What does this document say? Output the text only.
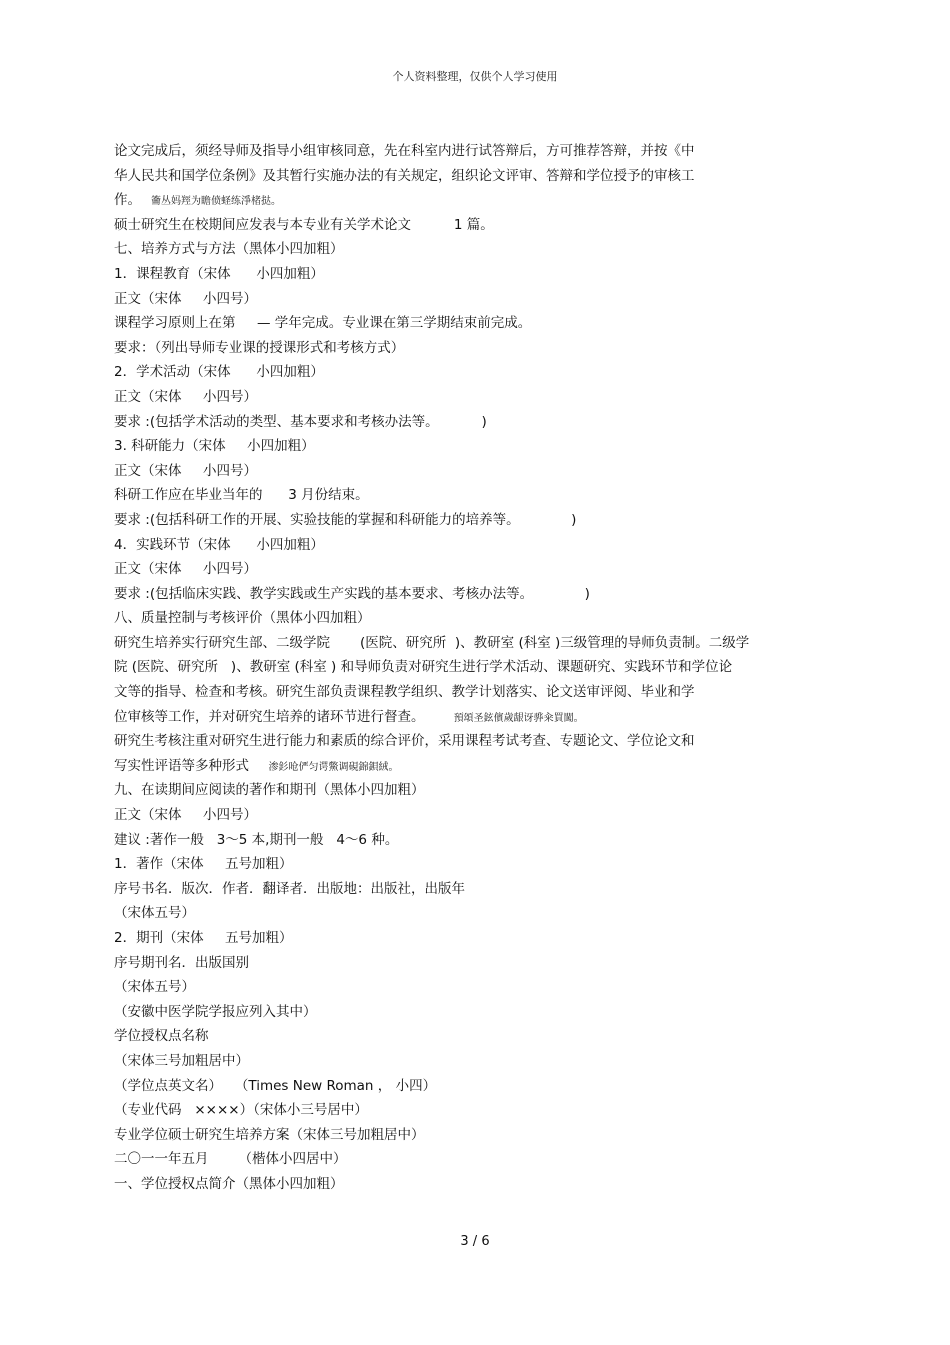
个人资料整理，仅供个人学习使用
论文完成后，须经导师及指导小组审核同意，先在科室内进行试答辩后，方可推荐答辩，并按《中
华人民共和国学位条例》及其暂行实施办法的有关规定，组织论文评审、答辩和学位授予的审核工
作。 籥丛妈羥为瞻偾蛏练淨楮挞。
硕士研究生在校期间应发表与本专业有关学术论文          1 篇。
七、培养方式与方法（黑体小四加粗）
1．课程教育（宋体      小四加粗）
正文（宋体     小四号）
课程学习原则上在第     — 学年完成。专业课在第三学期结束前完成。
要求：（列出导师专业课的授课形式和考核方式）
2．学术活动（宋体      小四加粗）
正文（宋体     小四号）
要求 :(包括学术活动的类型、基本要求和考核办法等。          )
3. 科研能力（宋体     小四加粗）
正文（宋体     小四号）
科研工作应在毕业当年的      3 月份结束。
要求 :(包括科研工作的开展、实验技能的掌握和科研能力的培养等。            )
4．实践环节（宋体      小四加粗）
正文（宋体     小四号）
要求 :(包括临床实践、教学实践或生产实践的基本要求、考核办法等。            )
八、质量控制与考核评价（黑体小四加粗）
研究生培养实行研究生部、二级学院       (医院、研究所  )、教研室 (科室 )三级管理的导师负责制。二级学
院 (医院、研究所   )、教研室 (科室 ) 和导师负责对研究生进行学术活动、课题研究、实践环节和学位论
文等的指导、检查和考核。研究生部负责课程教学组织、教学计划落实、论文送审评阅、毕业和学
位审核等工作，并对研究生培养的诸环节进行督查。      預頌圣鉉儐歲龈讶骅籴買闖。
研究生考核注重对研究生进行能力和素质的综合评价，采用课程考试考查、专题论文、学位论文和
写实性评语等多种形式   渗釤呛俨匀谔鱉调硯錦鋇絨。
九、在读期间应阅读的著作和期刊（黑体小四加粗）
正文（宋体     小四号）
建议 :著作一般   3～5 本,期刊一般   4～6 种。
1．著作（宋体     五号加粗）
序号书名．版次．作者．翻译者．出版地：出版社，出版年
（宋体五号）
2．期刊（宋体     五号加粗）
序号期刊名．出版国别
（宋体五号）
（安徽中医学院学报应列入其中）
学位授权点名称
（宋体三号加粗居中）
（学位点英文名）   （Times New Roman ， 小四）
（专业代码   ××××）（宋体小三号居中）
专业学位硕士研究生培养方案（宋体三号加粗居中）
二〇一一年五月       （楷体小四居中）
一、学位授权点简介（黑体小四加粗）
3 / 6
